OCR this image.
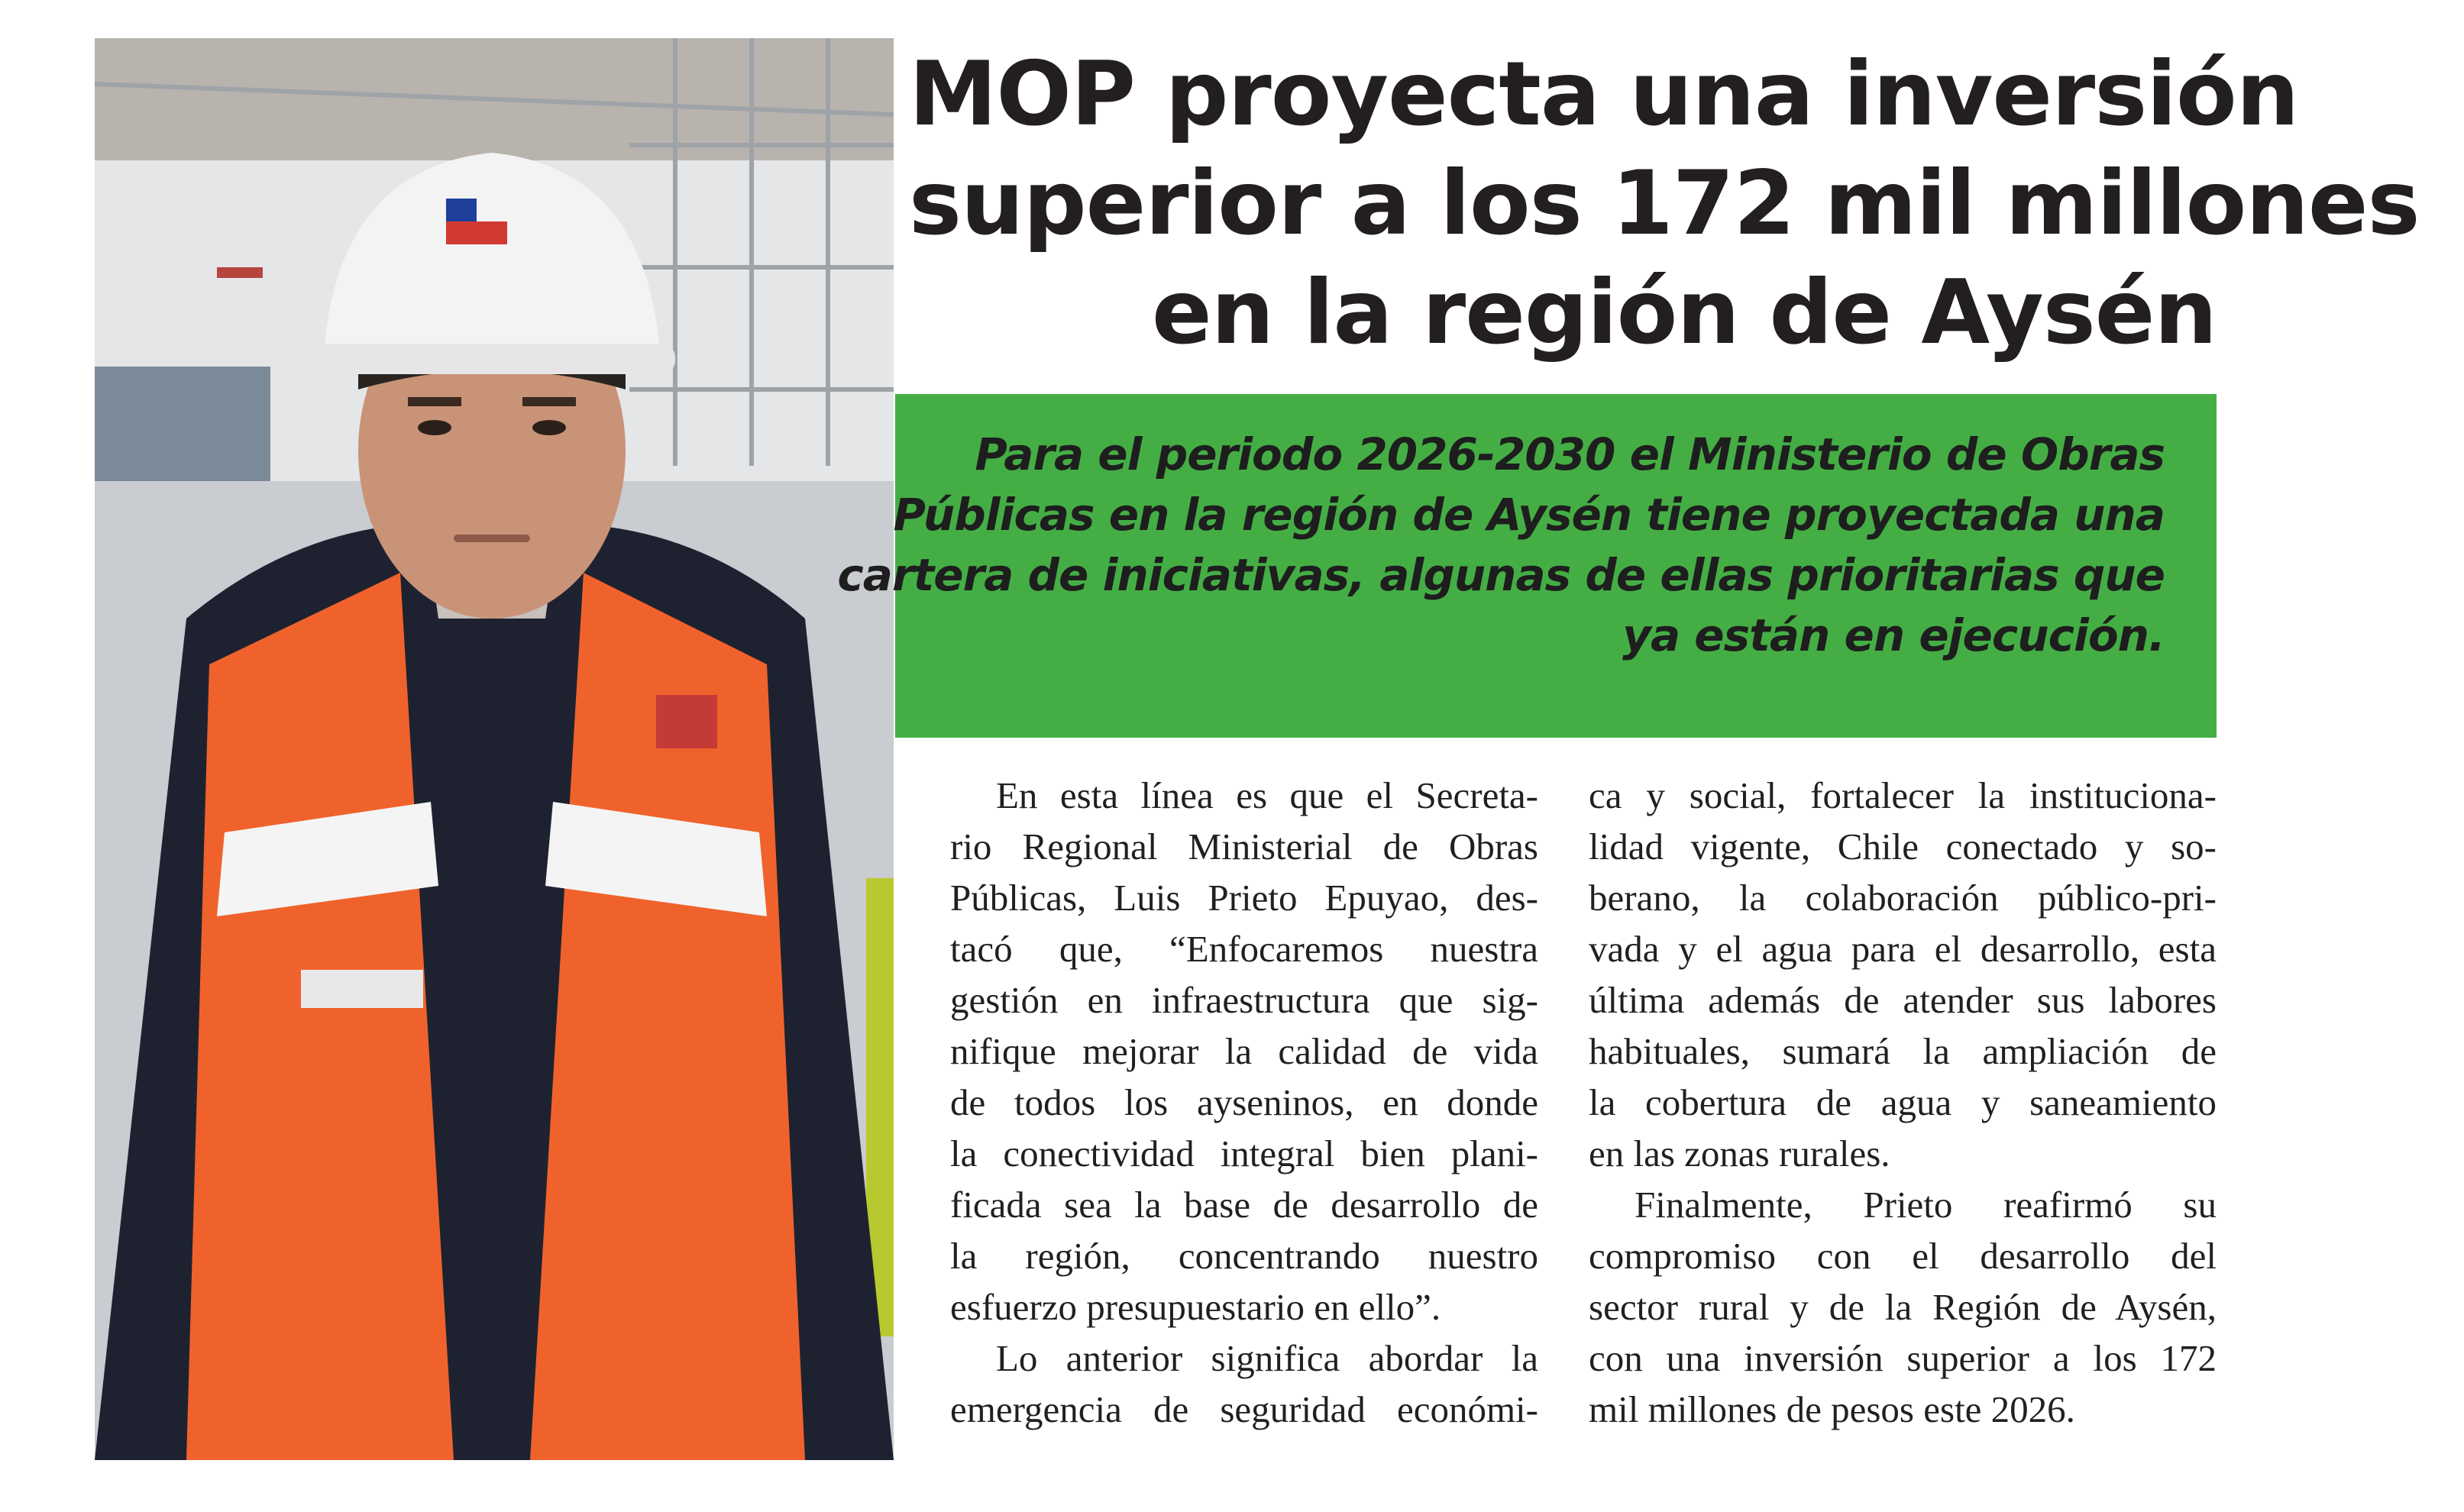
MOP proyecta una inversión
superior a los 172 mil millones
en la región de Aysén

Para el periodo 2026-2030 el Ministerio de Obras
Públicas en la región de Aysén tiene proyectada una
cartera de iniciativas, algunas de ellas prioritarias que
ya están en ejecución.

En esta línea es que el Secreta-
rio Regional Ministerial de Obras
Públicas, Luis Prieto Epuyao, des-
tacó que, “Enfocaremos nuestra
gestión en infraestructura que sig-
nifique mejorar la calidad de vida
de todos los ayseninos, en donde
la conectividad integral bien plani-
ficada sea la base de desarrollo de
la región, concentrando nuestro
esfuerzo presupuestario en ello”.
Lo anterior significa abordar la
emergencia de seguridad económi-
ca y social, fortalecer la instituciona-
lidad vigente, Chile conectado y so-
berano, la colaboración público-pri-
vada y el agua para el desarrollo, esta
última además de atender sus labores
habituales, sumará la ampliación de
la cobertura de agua y saneamiento
en las zonas rurales.
Finalmente, Prieto reafirmó su
compromiso con el desarrollo del
sector rural y de la Región de Aysén,
con una inversión superior a los 172
mil millones de pesos este 2026.
